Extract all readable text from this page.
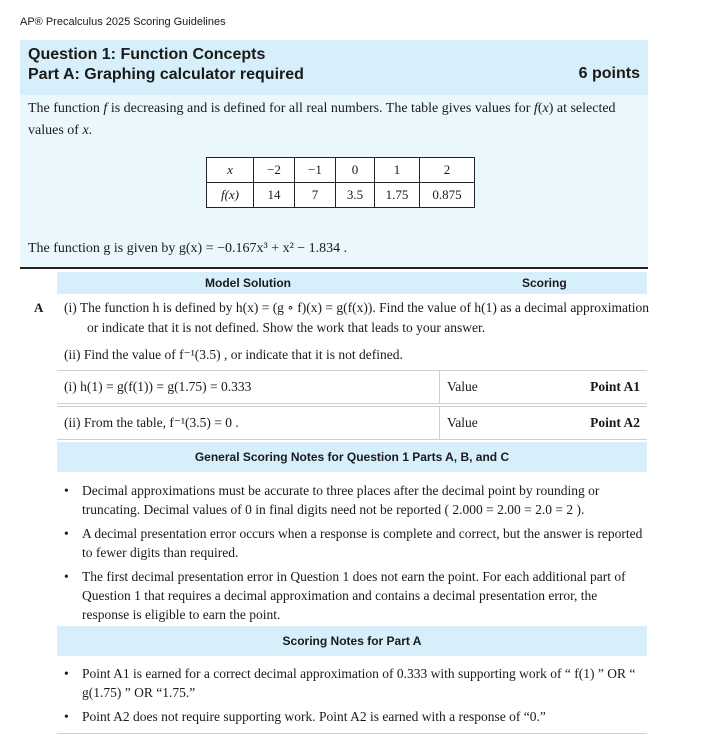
AP® Precalculus 2025 Scoring Guidelines
Question 1: Function Concepts
Part A: Graphing calculator required	6 points
The function f is decreasing and is defined for all real numbers. The table gives values for f(x) at selected values of x.
x	−2	−1	0	1	2
f(x)	14	7	3.5	1.75	0.875
The function g is given by g(x) = −0.167x³ + x² − 1.834 .
Model Solution	Scoring
A (i) The function h is defined by h(x) = (g ∘ f)(x) = g(f(x)). Find the value of h(1) as a decimal approximation or indicate that it is not defined. Show the work that leads to your answer.
(ii) Find the value of f⁻¹(3.5) , or indicate that it is not defined.
(i) h(1) = g(f(1)) = g(1.75) = 0.333	Value	Point A1
(ii) From the table, f⁻¹(3.5) = 0 .	Value	Point A2
General Scoring Notes for Question 1 Parts A, B, and C
• Decimal approximations must be accurate to three places after the decimal point by rounding or truncating. Decimal values of 0 in final digits need not be reported ( 2.000 = 2.00 = 2.0 = 2 ).
• A decimal presentation error occurs when a response is complete and correct, but the answer is reported to fewer digits than required.
• The first decimal presentation error in Question 1 does not earn the point. For each additional part of Question 1 that requires a decimal approximation and contains a decimal presentation error, the response is eligible to earn the point.
Scoring Notes for Part A
• Point A1 is earned for a correct decimal approximation of 0.333 with supporting work of “ f(1) ” OR “ g(1.75) ” OR “1.75.”
• Point A2 does not require supporting work. Point A2 is earned with a response of “0.”
